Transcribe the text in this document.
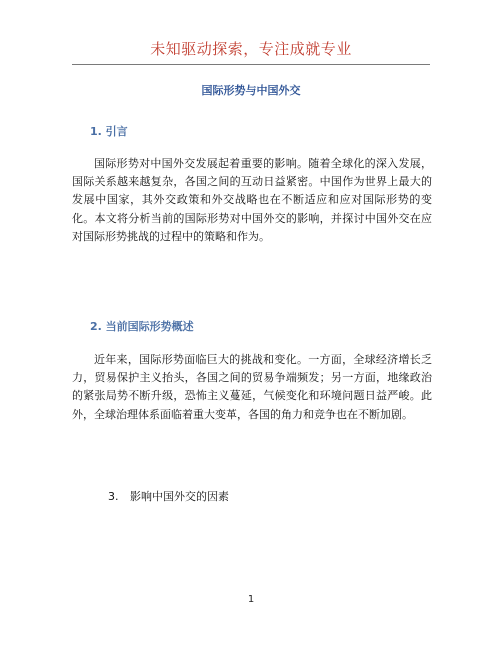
未知驱动探索，专注成就专业
国际形势与中国外交
1. 引言

国际形势对中国外交发展起着重要的影响。随着全球化的深入发展，国际关系越来越复杂，各国之间的互动日益紧密。中国作为世界上最大的发展中国家，其外交政策和外交战略也在不断适应和应对国际形势的变化。本文将分析当前的国际形势对中国外交的影响，并探讨中国外交在应对国际形势挑战的过程中的策略和作为。

2. 当前国际形势概述

近年来，国际形势面临巨大的挑战和变化。一方面，全球经济增长乏力，贸易保护主义抬头，各国之间的贸易争端频发；另一方面，地缘政治的紧张局势不断升级，恐怖主义蔓延，气候变化和环境问题日益严峻。此外，全球治理体系面临着重大变革，各国的角力和竞争也在不断加剧。

3. 影响中国外交的因素
1
